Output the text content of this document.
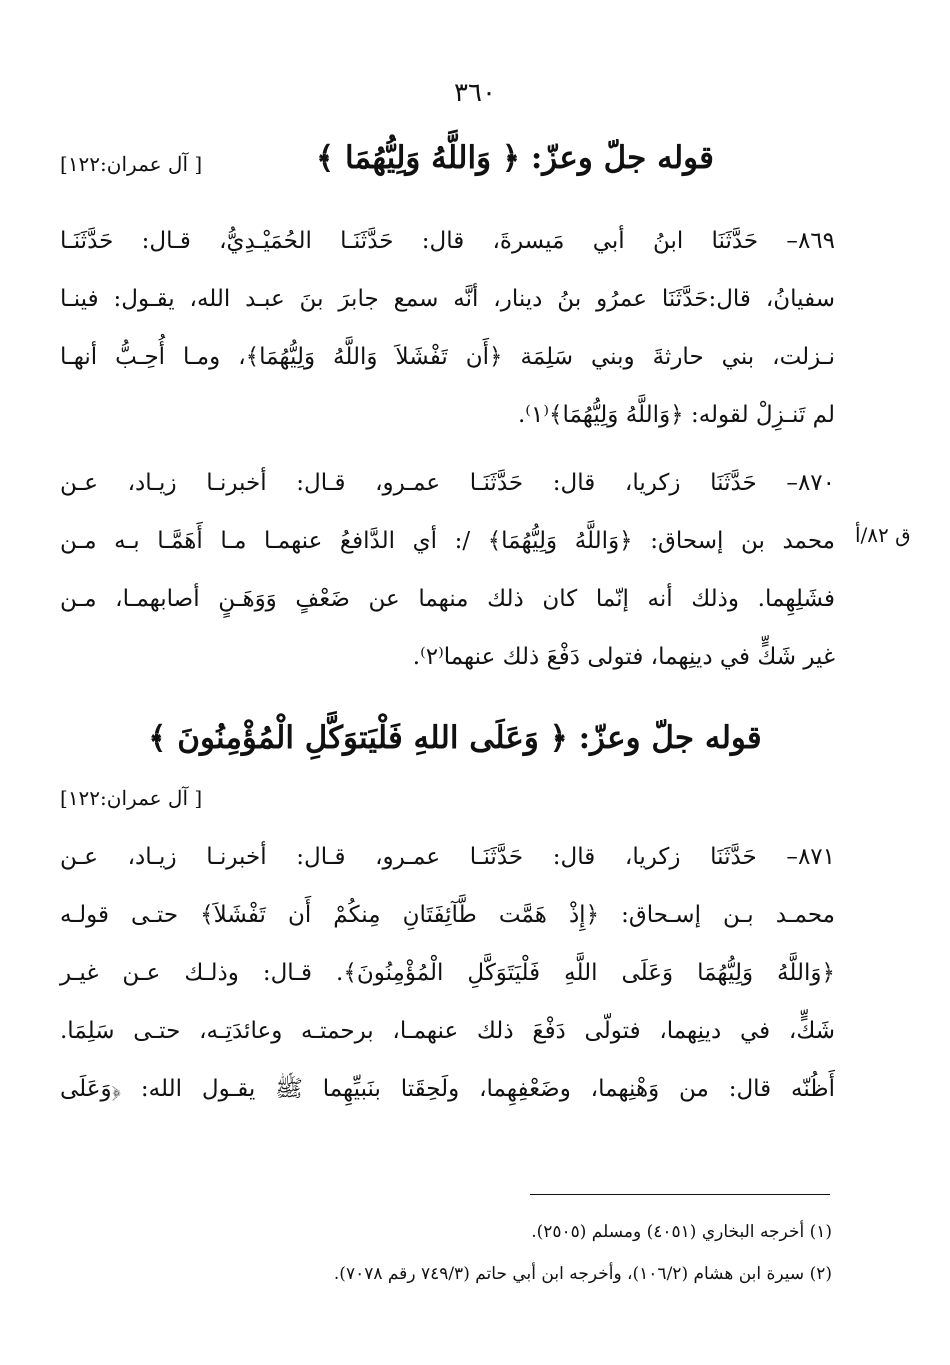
٣٦٠
قوله جلّ وعزّ: ﴿ وَاللَّهُ وَلِيُّهُمَا ﴾
[ آل عمران:١٢٢]
٨٦٩– حَدَّثَنَا ابنُ أبي مَيسرةَ، قال: حَدَّثَنَـا الحُمَيْـدِيُّ، قـال: حَدَّثَنَـا
سفيانُ، قال:حَدَّثَنَا عمرُو بنُ دينار، أنَّه سمع جابرَ بنَ عبـد الله، يقـول: فينـا
نـزلت، بني حارثةَ وبني سَلِمَة ﴿أَن تَفْشَلاَ وَاللَّهُ وَلِيُّهُمَا﴾، ومـا أُحِـبُّ أنهـا
لم تَنـزِلْ لقوله: ﴿وَاللَّهُ وَلِيُّهُمَا﴾⁽١⁾.
٨٧٠– حَدَّثَنَا زكريا، قال: حَدَّثَنَـا عمـرو، قـال: أخبرنـا زيـاد، عـن
محمد بن إسحاق: ﴿وَاللَّهُ وَلِيُّهُمَا﴾ /: أي الدَّافعُ عنهمـا مـا أَهَمَّـا بـه مـن
فشَلِهِما. وذلك أنه إنّما كان ذلك منهما عن ضَعْفٍ وَوَهَـنٍ أصابهمـا، مـن
غير شَكٍّ في دينِهما، فتولى دَفْعَ ذلك عنهما⁽٢⁾.
ق ٨٢/أ
قوله جلّ وعزّ: ﴿ وَعَلَى اللهِ فَلْيَتوَكَّلِ الْمُؤْمِنُونَ ﴾
[ آل عمران:١٢٢]
٨٧١– حَدَّثَنَا زكريا، قال: حَدَّثَنَـا عمـرو، قـال: أخبرنـا زيـاد، عـن
محمـد بـن إسـحاق: ﴿إِذْ هَمَّت طَّآئِفَتَانِ مِنكُمْ أَن تَفْشَلاَ﴾ حتـى قولـه
﴿وَاللَّهُ وَلِيُّهُمَا وَعَلَى اللَّهِ فَلْيَتَوَكَّلِ الْمُؤْمِنُونَ﴾. قـال: وذلـك عـن غيـر
شَكٍّ، في دينِهما، فتولّى دَفْعَ ذلك عنهمـا، برحمتـه وعائدَتِـه، حتـى سَلِمَا.
أَظُنّه قال: من وَهْنِهما، وضَعْفِهِما، ولَحِقَتا بنَبيِّهِما ﷺ يقـول الله: ﴿وَعَلَى
(١) أخرجه البخاري (٤٠٥١) ومسلم (٢٥٠٥).
(٢) سيرة ابن هشام (١٠٦/٢)، وأخرجه ابن أبي حاتم (٧٤٩/٣ رقم ٧٠٧٨).
